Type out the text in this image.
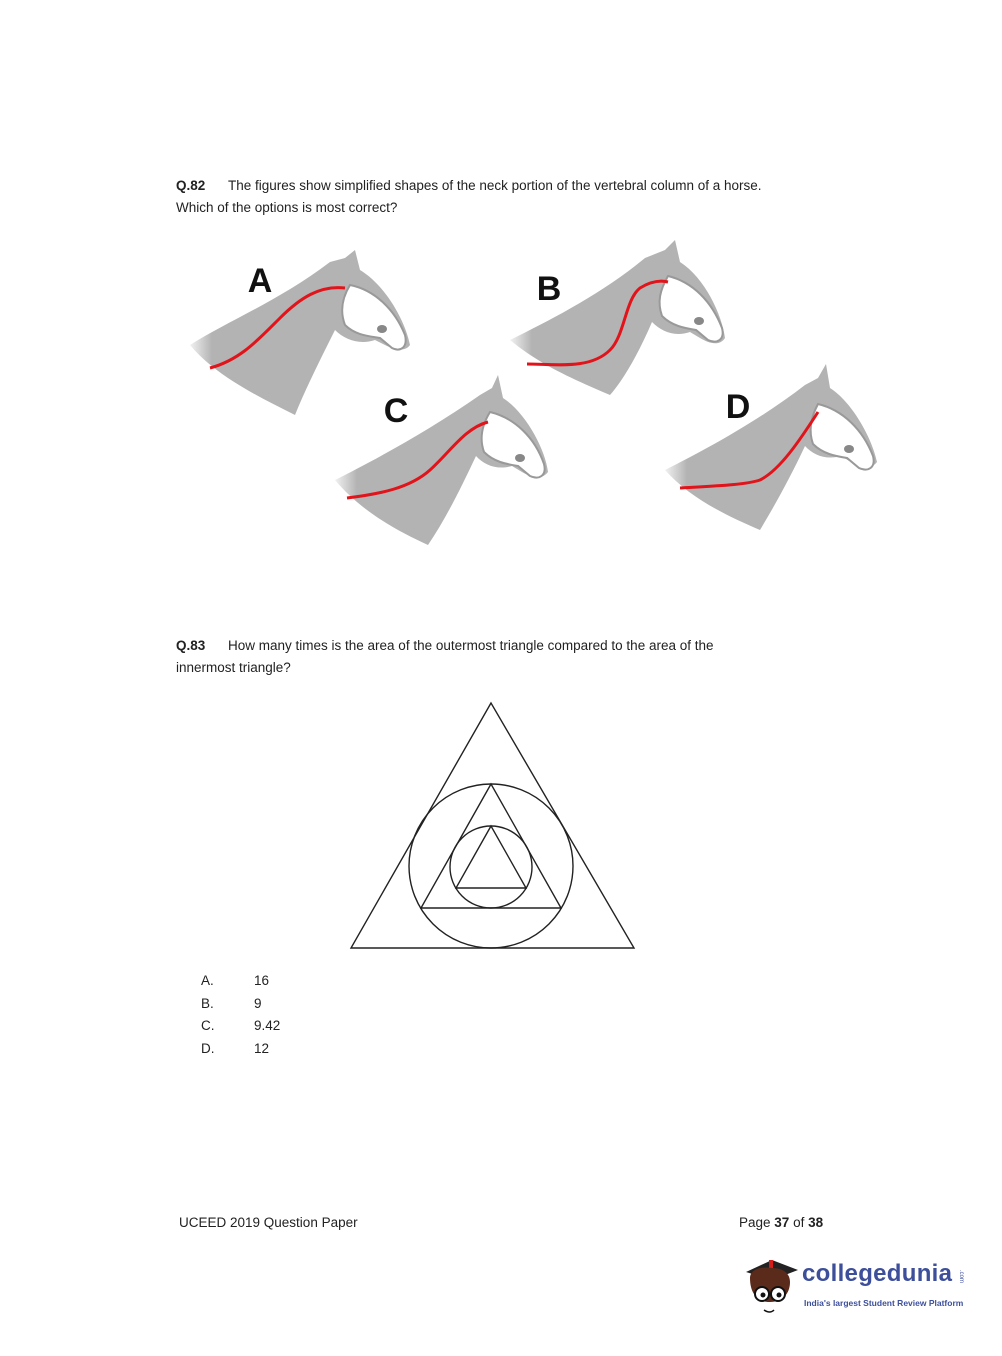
Q.82 The figures show simplified shapes of the neck portion of the vertebral column of a horse.
Which of the options is most correct?
A	B
C	D
Q.83 How many times is the area of the outermost triangle compared to the area of the
innermost triangle?
A.	16
B.	9
C.	9.42
D.	12
UCEED 2019 Question Paper	Page 37 of 38
collegedunia .com
India's largest Student Review Platform
